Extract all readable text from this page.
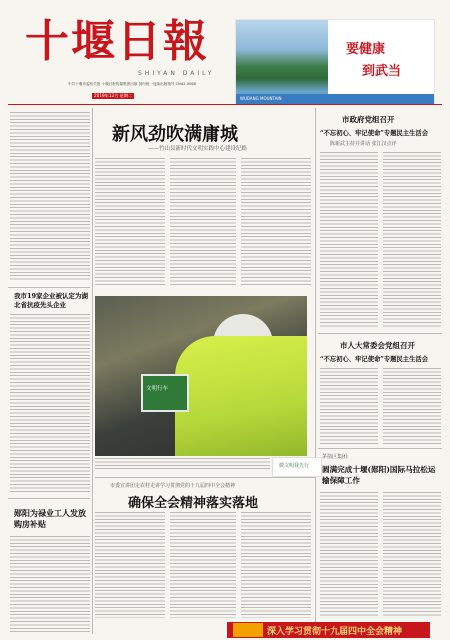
十堰日報
SHIYAN DAILY
中共十堰市委机关报 十堰日报传媒集团出版 国内统一连续出版物号 CN42-0066
2019年12月 星期二
要健康
到武当
WUDANG MOUNTAIN
新风劲吹满庸城
——竹山县新时代文明实践中心建设纪略
我市19家企业被认定为湖北省抗疫先头企业
郧阳为禄业工人发放购房补贴
文明行车
微文明我先行
市委宣讲团走农村走讲学习贯彻党的十九届四中全会精神
确保全会精神落实落地
市政府党组召开
“不忘初心、牢记使命”专题民主生活会
陈新武主持并讲话 张江汉点评
市人大常委会党组召开
“不忘初心、牢记使命”专题民主生活会
茅箭区集团:
圆满完成十堰(郧阳)国际马拉松运输保障工作
深入学习贯彻十九届四中全会精神
